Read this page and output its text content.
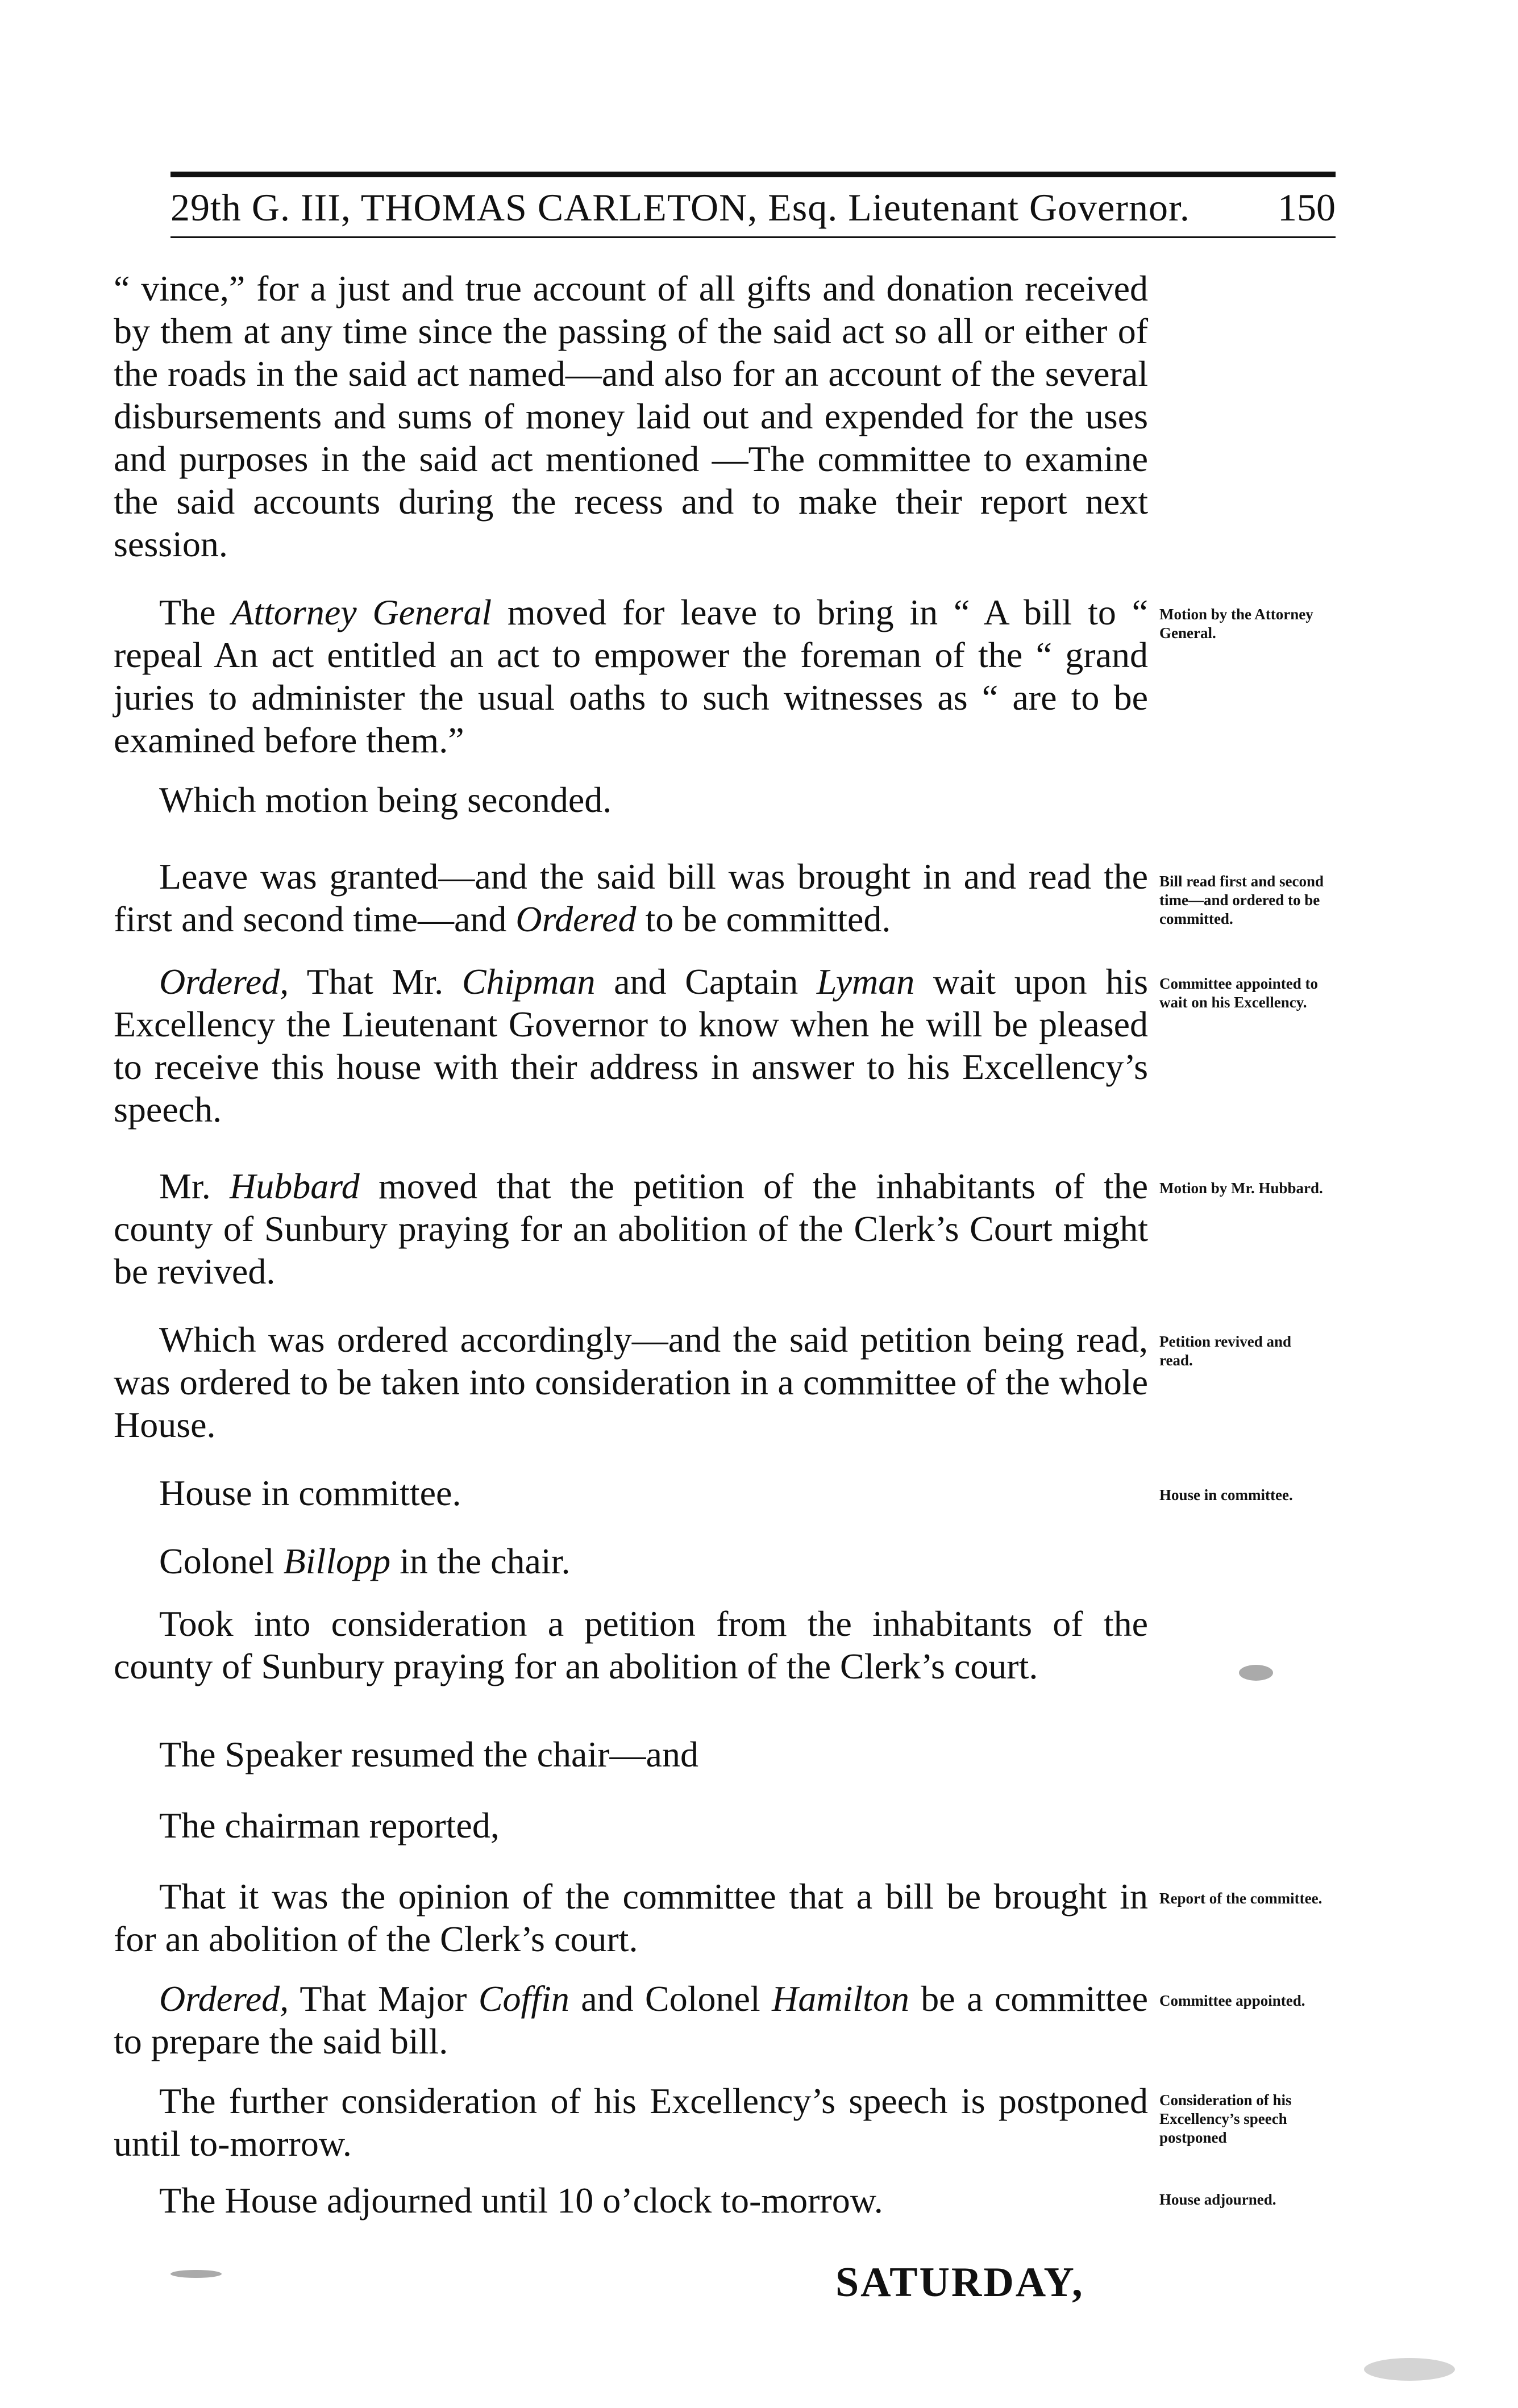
29th G. III, THOMAS CARLETON, Esq. Lieutenant Governor. 150
“ vince,” for a just and true account of all gifts and donation received by them at any time since the passing of the said act so all or either of the roads in the said act named—and also for an account of the several disbursements and sums of money laid out and expended for the uses and purposes in the said act mentioned —The committee to examine the said accounts during the recess and to make their report next session.
The Attorney General moved for leave to bring in “ A bill to “ repeal An act entitled an act to empower the foreman of the “ grand juries to administer the usual oaths to such witnesses as “ are to be examined before them.”
Which motion being seconded.
Leave was granted—and the said bill was brought in and read the first and second time—and Ordered to be committed.
Ordered, That Mr. Chipman and Captain Lyman wait upon his Excellency the Lieutenant Governor to know when he will be pleased to receive this house with their address in answer to his Excellency’s speech.
Mr. Hubbard moved that the petition of the inhabitants of the county of Sunbury praying for an abolition of the Clerk’s Court might be revived.
Which was ordered accordingly—and the said petition being read, was ordered to be taken into consideration in a committee of the whole House.
House in committee.
Colonel Billopp in the chair.
Took into consideration a petition from the inhabitants of the county of Sunbury praying for an abolition of the Clerk’s court.
The Speaker resumed the chair—and
The chairman reported,
That it was the opinion of the committee that a bill be brought in for an abolition of the Clerk’s court.
Ordered, That Major Coffin and Colonel Hamilton be a committee to prepare the said bill.
The further consideration of his Excellency’s speech is postponed until to-morrow.
The House adjourned until 10 o’clock to-morrow.
Motion by the Attorney General.
Bill read first and second time—and ordered to be committed.
Committee appointed to wait on his Excellency.
Motion by Mr. Hubbard.
Petition revived and read.
House in committee.
Report of the committee.
Committee appointed.
Consideration of his Excellency’s speech postponed
House adjourned.
SATURDAY,
